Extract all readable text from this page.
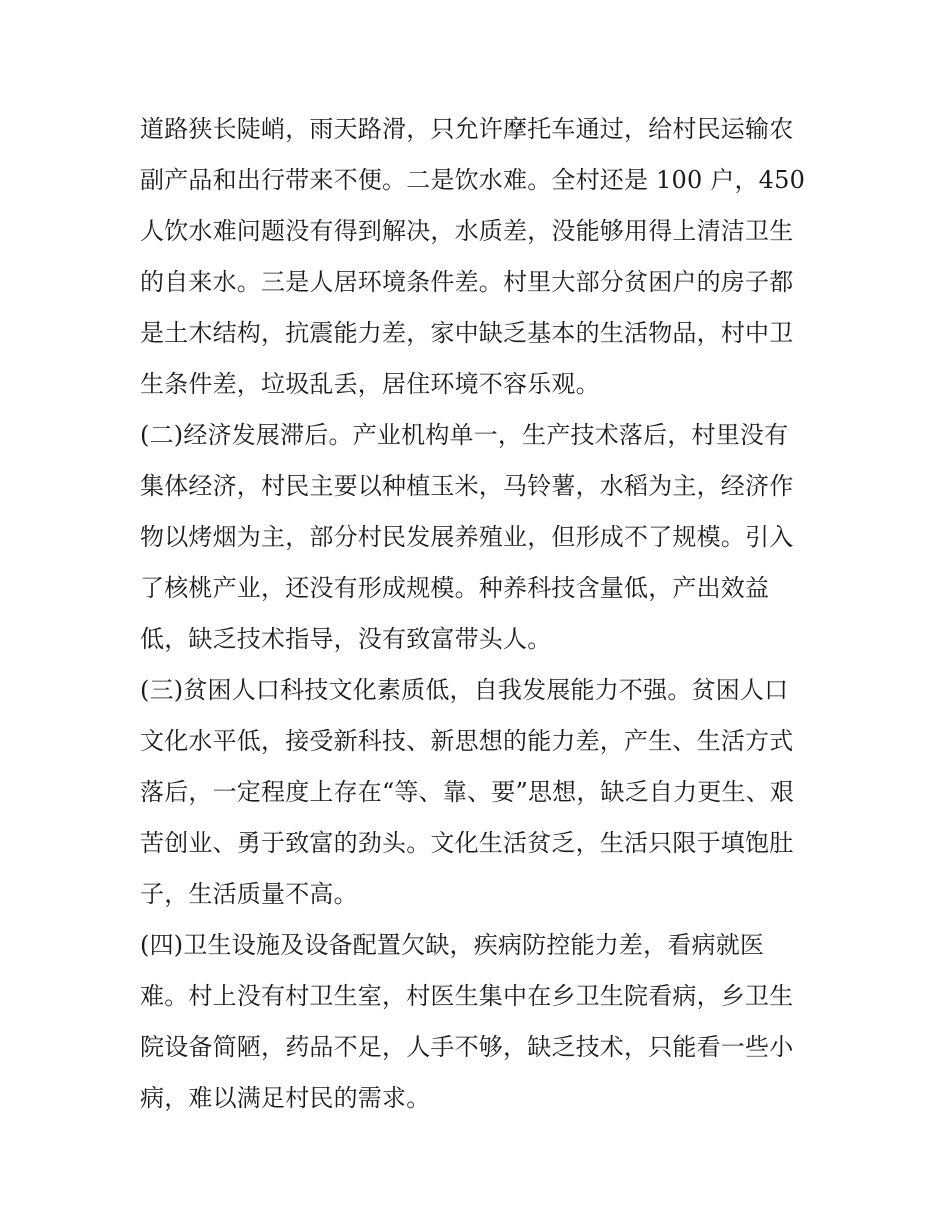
道路狭长陡峭，雨天路滑，只允许摩托车通过，给村民运输农
副产品和出行带来不便。二是饮水难。全村还是 100 户，450
人饮水难问题没有得到解决，水质差，没能够用得上清洁卫生
的自来水。三是人居环境条件差。村里大部分贫困户的房子都
是土木结构，抗震能力差，家中缺乏基本的生活物品，村中卫
生条件差，垃圾乱丢，居住环境不容乐观。
(二)经济发展滞后。产业机构单一，生产技术落后，村里没有
集体经济，村民主要以种植玉米，马铃薯，水稻为主，经济作
物以烤烟为主，部分村民发展养殖业，但形成不了规模。引入
了核桃产业，还没有形成规模。种养科技含量低，产出效益
低，缺乏技术指导，没有致富带头人。
(三)贫困人口科技文化素质低，自我发展能力不强。贫困人口
文化水平低，接受新科技、新思想的能力差，产生、生活方式
落后，一定程度上存在“等、靠、要”思想，缺乏自力更生、艰
苦创业、勇于致富的劲头。文化生活贫乏，生活只限于填饱肚
子，生活质量不高。
(四)卫生设施及设备配置欠缺，疾病防控能力差，看病就医
难。村上没有村卫生室，村医生集中在乡卫生院看病，乡卫生
院设备简陋，药品不足，人手不够，缺乏技术，只能看一些小
病，难以满足村民的需求。
